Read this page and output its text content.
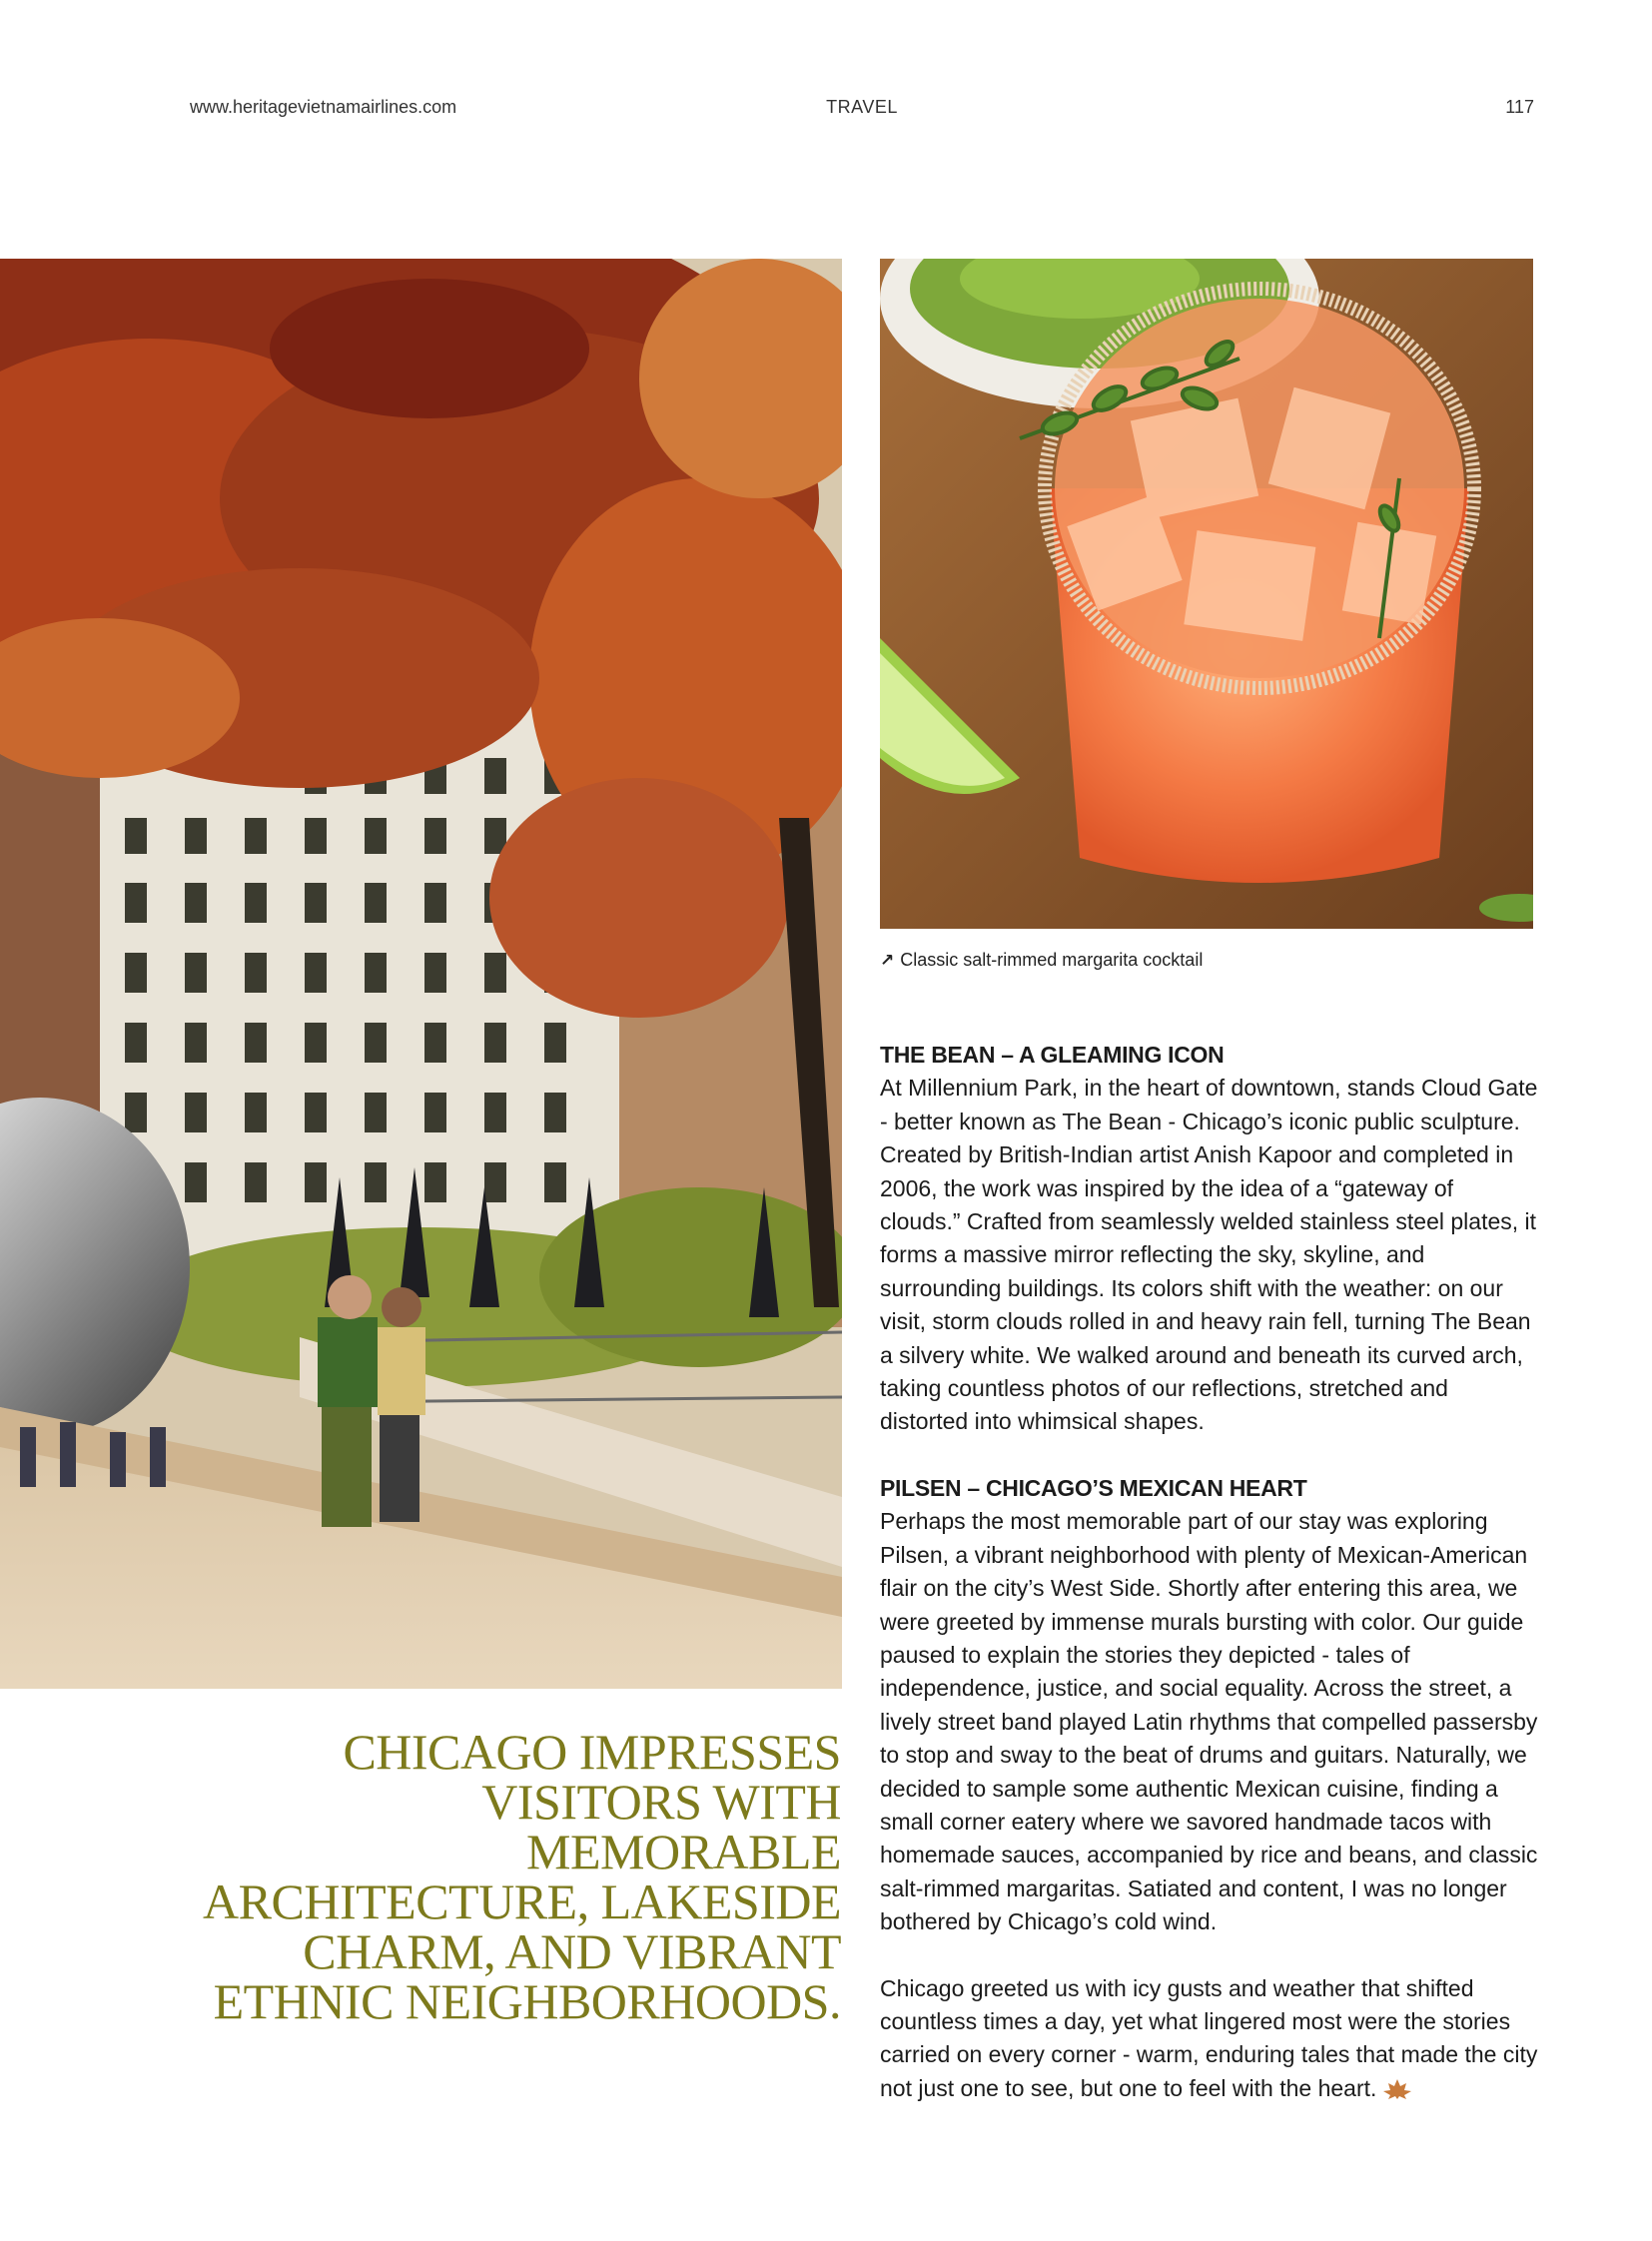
www.heritagevietnamairlines.com	TRAVEL	117
↗ Classic salt-rimmed margarita cocktail
CHICAGO IMPRESSES VISITORS WITH MEMORABLE ARCHITECTURE, LAKESIDE CHARM, AND VIBRANT ETHNIC NEIGHBORHOODS.
THE BEAN – A GLEAMING ICON

At Millennium Park, in the heart of downtown, stands Cloud Gate - better known as The Bean - Chicago’s iconic public sculpture. Created by British-Indian artist Anish Kapoor and completed in 2006, the work was inspired by the idea of a “gateway of clouds.” Crafted from seamlessly welded stainless steel plates, it forms a massive mirror reflecting the sky, skyline, and surrounding buildings. Its colors shift with the weather: on our visit, storm clouds rolled in and heavy rain fell, turning The Bean a silvery white. We walked around and beneath its curved arch, taking countless photos of our reflections, stretched and distorted into whimsical shapes.

PILSEN – CHICAGO’S MEXICAN HEART

Perhaps the most memorable part of our stay was exploring Pilsen, a vibrant neighborhood with plenty of Mexican-American flair on the city’s West Side. Shortly after entering this area, we were greeted by immense murals bursting with color. Our guide paused to explain the stories they depicted - tales of independence, justice, and social equality. Across the street, a lively street band played Latin rhythms that compelled passersby to stop and sway to the beat of drums and guitars. Naturally, we decided to sample some authentic Mexican cuisine, finding a small corner eatery where we savored handmade tacos with homemade sauces, accompanied by rice and beans, and classic salt-rimmed margaritas. Satiated and content, I was no longer bothered by Chicago’s cold wind.

Chicago greeted us with icy gusts and weather that shifted countless times a day, yet what lingered most were the stories carried on every corner - warm, enduring tales that made the city not just one to see, but one to feel with the heart.
